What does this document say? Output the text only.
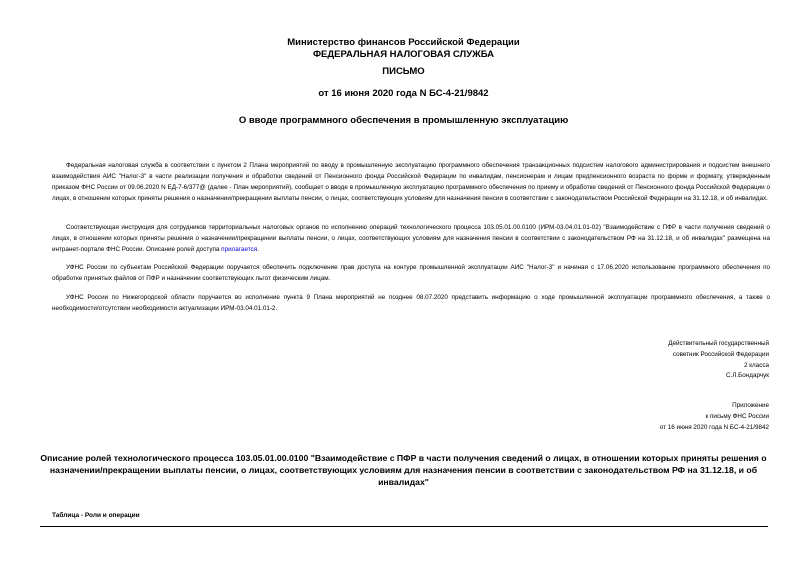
Министерство финансов Российской Федерации
ФЕДЕРАЛЬНАЯ НАЛОГОВАЯ СЛУЖБА
ПИСЬМО
от 16 июня 2020 года N БС-4-21/9842
О вводе программного обеспечения в промышленную эксплуатацию

Федеральная налоговая служба в соответствии с пунктом 2 Плана мероприятий по вводу в промышленную эксплуатацию программного обеспечения транзакционных подсистем налогового администрирования и подсистем внешнего взаимодействия АИС "Налог-3" в части реализации получения и обработки сведений от Пенсионного фонда Российской Федерации по инвалидам, пенсионерам и лицам предпенсионного возраста по форме и формату, утвержденным приказом ФНС России от 09.06.2020 N ЕД-7-6/377@ (далее - План мероприятий), сообщает о вводе в промышленную эксплуатацию программного обеспечения по приему и обработке сведений от Пенсионного фонда Российской Федерации о лицах, в отношении которых приняты решения о назначении/прекращении выплаты пенсии, о лицах, соответствующих условиям для назначения пенсии в соответствии с законодательством Российской Федерации на 31.12.18, и об инвалидах.

Соответствующая инструкция для сотрудников территориальных налоговых органов по исполнению операций технологического процесса 103.05.01.00.0100 (ИРМ-03.04.01.01-02) "Взаимодействие с ПФР в части получения сведений о лицах, в отношении которых приняты решения о назначении/прекращении выплаты пенсии, о лицах, соответствующих условиям для назначения пенсии в соответствии с законодательством РФ на 31.12.18, и об инвалидах" размещена на интранет-портале ФНС России. Описание ролей доступа прилагается.

УФНС России по субъектам Российской Федерации поручается обеспечить подключение прав доступа на контуре промышленной эксплуатации АИС "Налог-3" и начиная с 17.06.2020 использование программного обеспечения по обработке принятых файлов от ПФР и назначении соответствующих льгот физическим лицам.

УФНС России по Нижегородской области поручается во исполнение пункта 9 Плана мероприятий не позднее 08.07.2020 представить информацию о ходе промышленной эксплуатации программного обеспечения, а также о необходимости/отсутствии необходимости актуализации ИРМ-03.04.01.01-2.

Действительный государственный
советник Российской Федерации
2 класса
С.Л.Бондарчук
Приложение
к письму ФНС России
от 16 июня 2020 года N БС-4-21/9842
Описание ролей технологического процесса 103.05.01.00.0100 "Взаимодействие с ПФР в части получения сведений о лицах, в отношении которых приняты решения о назначении/прекращении выплаты пенсии, о лицах, соответствующих условиям для назначения пенсии в соответствии с законодательством РФ на 31.12.18, и об инвалидах"
Таблица - Роли и операции
